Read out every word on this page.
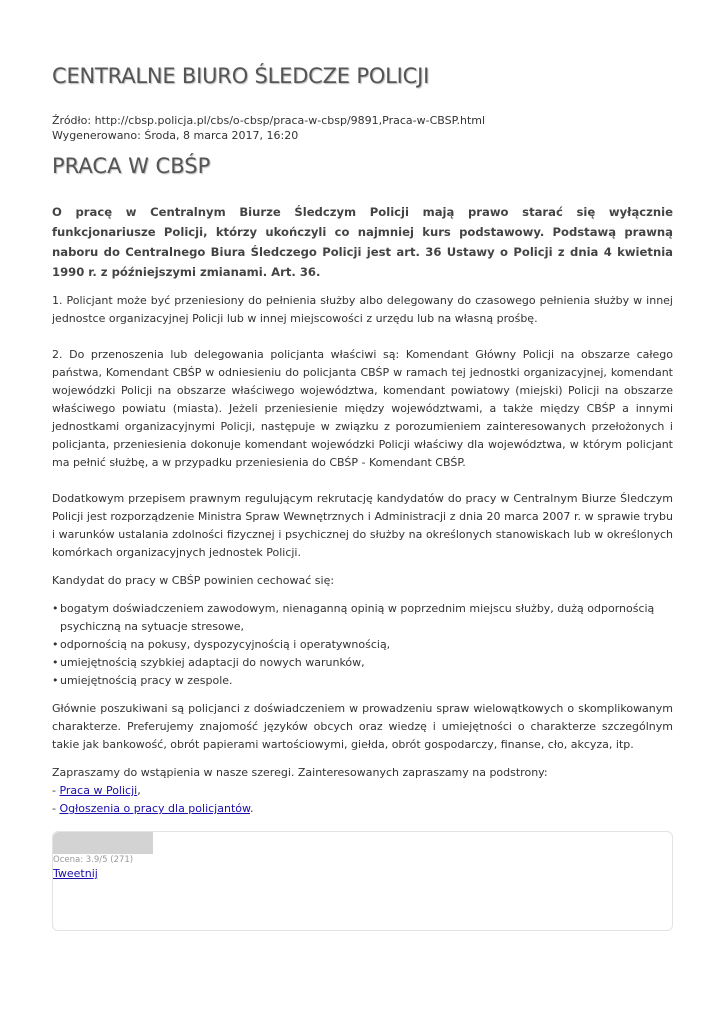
CENTRALNE BIURO ŚLEDCZE POLICJI
Źródło: http://cbsp.policja.pl/cbs/o-cbsp/praca-w-cbsp/9891,Praca-w-CBSP.html
Wygenerowano: Środa, 8 marca 2017, 16:20
PRACA W CBŚP

O pracę w Centralnym Biurze Śledczym Policji mają prawo starać się wyłącznie funkcjonariusze Policji, którzy ukończyli co najmniej kurs podstawowy. Podstawą prawną naboru do Centralnego Biura Śledczego Policji jest art. 36 Ustawy o Policji z dnia 4 kwietnia 1990 r. z późniejszymi zmianami. Art. 36.

1. Policjant może być przeniesiony do pełnienia służby albo delegowany do czasowego pełnienia służby w innej jednostce organizacyjnej Policji lub w innej miejscowości z urzędu lub na własną prośbę.

2. Do przenoszenia lub delegowania policjanta właściwi są: Komendant Główny Policji na obszarze całego państwa, Komendant CBŚP w odniesieniu do policjanta CBŚP w ramach tej jednostki organizacyjnej, komendant wojewódzki Policji na obszarze właściwego województwa, komendant powiatowy (miejski) Policji na obszarze właściwego powiatu (miasta). Jeżeli przeniesienie między województwami, a także między CBŚP a innymi jednostkami organizacyjnymi Policji, następuje w związku z porozumieniem zainteresowanych przełożonych i policjanta, przeniesienia dokonuje komendant wojewódzki Policji właściwy dla województwa, w którym policjant ma pełnić służbę, a w przypadku przeniesienia do CBŚP - Komendant CBŚP.

Dodatkowym przepisem prawnym regulującym rekrutację kandydatów do pracy w Centralnym Biurze Śledczym Policji jest rozporządzenie Ministra Spraw Wewnętrznych i Administracji z dnia 20 marca 2007 r. w sprawie trybu i warunków ustalania zdolności fizycznej i psychicznej do służby na określonych stanowiskach lub w określonych komórkach organizacyjnych jednostek Policji.

Kandydat do pracy w CBŚP powinien cechować się:

• bogatym doświadczeniem zawodowym, nienaganną opinią w poprzednim miejscu służby, dużą odpornością psychiczną na sytuacje stresowe,
• odpornością na pokusy, dyspozycyjnością i operatywnością,
• umiejętnością szybkiej adaptacji do nowych warunków,
• umiejętnością pracy w zespole.

Głównie poszukiwani są policjanci z doświadczeniem w prowadzeniu spraw wielowątkowych o skomplikowanym charakterze. Preferujemy znajomość języków obcych oraz wiedzę i umiejętności o charakterze szczególnym takie jak bankowość, obrót papierami wartościowymi, giełda, obrót gospodarczy, finanse, cło, akcyza, itp.

Zapraszamy do wstąpienia w nasze szeregi. Zainteresowanych zapraszamy na podstrony:
- Praca w Policji,
- Ogłoszenia o pracy dla policjantów.
Ocena: 3.9/5 (271)
Tweetnij
